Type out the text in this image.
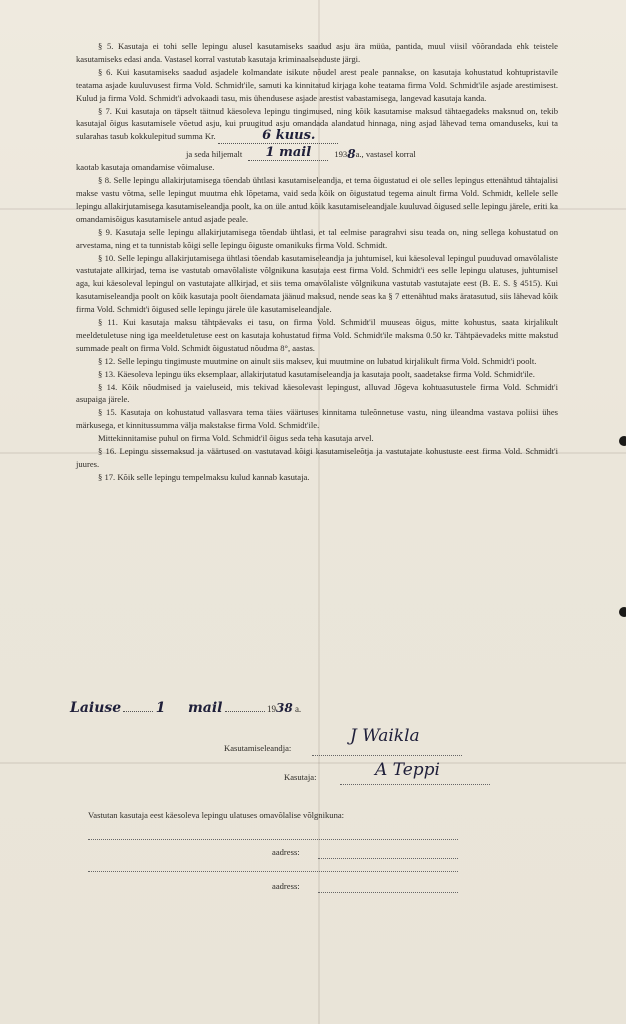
§ 5. Kasutaja ei tohi selle lepingu alusel kasutamiseks saadud asju ära müüa, pantida, muul viisil võõrandada ehk teistele kasutamiseks edasi anda. Vastasel korral vastutab kasutaja kriminaalseaduste järgi.

§ 6. Kui kasutamiseks saadud asjadele kolmandate isikute nõudel arest peale pannakse, on kasutaja kohustatud kohtupristavile teatama asjade kuuluvusest firma Vold. Schmidt'ile, samuti ka kinnitatud kirjaga kohe teatama firma Vold. Schmidt'ile asjade arestimisest. Kulud ja firma Vold. Schmidt'i advokaadi tasu, mis ühendusese asjade arestist vabastamisega, langevad kasutaja kanda.

§ 7. Kui kasutaja on täpselt täitnud käesoleva lepingu tingimused, ning kõik kasutamise maksud tähtaegadeks maksnud on, tekib kasutajal õigus kasutamisele võetud asju, kui pruugitud asju omandada alandatud hinnaga, ning asjad lähevad tema omanduseks, kui ta sularahas tasub kokkulepitud summa Kr.	6 kuus.

ja seda hiljemalt	1 mail	193 8 a., vastasel korral

kaotab kasutaja omandamise võimaluse.

§ 8. Selle lepingu allakirjutamisega tõendab ühtlasi kasutamiseleandja, et tema õigustatud ei ole selles lepingus ettenähtud tähtajalisi makse vastu võtma, selle lepingut muutma ehk lõpetama, vaid seda kõik on õigustatud tegema ainult firma Vold. Schmidt, kellele selle lepingu allakirjutamisega kasutamiseleandja poolt, ka on üle antud kõik kasutamiseleandjale kuuluvad õigused selle lepingu järele, eriti ka omandamisõigus kasutamisele antud asjade peale.

§ 9. Kasutaja selle lepingu allakirjutamisega tõendab ühtlasi, et tal eelmise paragrahvi sisu teada on, ning sellega kohustatud on arvestama, ning et ta tunnistab kõigi selle lepingu õiguste omanikuks firma Vold. Schmidt.

§ 10. Selle lepingu allakirjutamisega ühtlasi tõendab kasutamiseleandja ja juhtumisel, kui käesoleval lepingul puuduvad omavõlaliste vastutajate allkirjad, tema ise vastutab omavõlaliste võlgnikuna kasutaja eest firma Vold. Schmidt'i ees selle lepingu ulatuses, juhtumisel aga, kui käesoleval lepingul on vastutajate allkirjad, et siis tema omavõlaliste võlgnikuna vastutab vastutajate eest (B. E. S. § 4515). Kui kasutamiseleandja poolt on kõik kasutaja poolt õiendamata jäänud maksud, nende seas ka § 7 ettenähtud maks äratasutud, siis lähevad kõik firma Vold. Schmidt'i õigused selle lepingu järele üle kasutamiseleandjale.

§ 11. Kui kasutaja maksu tähtpäevaks ei tasu, on firma Vold. Schmidt'il muuseas õigus, mitte kohustus, saata kirjalikult meeldetuletuse ning iga meeldetuletuse eest on kasutaja kohustatud firma Vold. Schmidt'ile maksma 0.50 kr. Tähtpäevadeks mitte makstud summade pealt on firma Vold. Schmidt õigustatud nõudma 8°, aastas.

§ 12. Selle lepingu tingimuste muutmine on ainult siis maksev, kui muutmine on lubatud kirjalikult firma Vold. Schmidt'i poolt.

§ 13. Käesoleva lepingu üks eksemplaar, allakirjutatud kasutamiseleandja ja kasutaja poolt, saadetakse firma Vold. Schmidt'ile.

§ 14. Kõik nõudmised ja vaieluseid, mis tekivad käesolevast lepingust, alluvad Jõgeva kohtuasutustele firma Vold. Schmidt'i asupaiga järele.

§ 15. Kasutaja on kohustatud vallasvara tema täies väärtuses kinnitama tuleõnnetuse vastu, ning üleandma vastava poliisi ühes märkusega, et kinnitussumma välja makstakse firma Vold. Schmidt'ile.

Mittekinnitamise puhul on firma Vold. Schmidt'il õigus seda teha kasutaja arvel.

§ 16. Lepingu sissemaksud ja väärtused on vastutavad kõigi kasutamiseleõtja ja vastutajate kohustuste eest firma Vold. Schmidt'i juures.

§ 17. Kõik selle lepingu tempelmaksu kulud kannab kasutaja.

Laiuse 1 mail	1938 a.
Kasutamiseleandja:
J Waikla
Kasutaja:	A Teppi
Vastutan kasutaja eest käesoleva lepingu ulatuses omavõlalise võlgnikuna:
aadress:
aadress:
